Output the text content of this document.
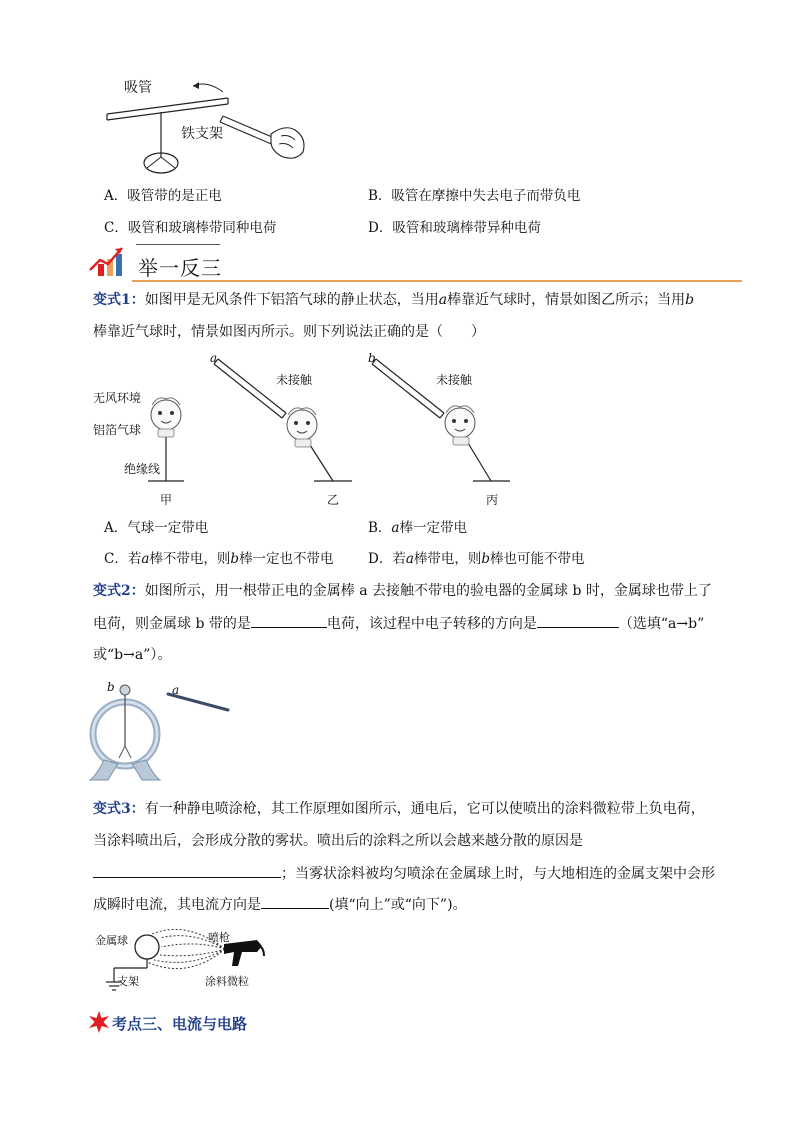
吸管
铁支架
A．吸管带的是正电	B．吸管在摩擦中失去电子而带负电
C．吸管和玻璃棒带同种电荷	D．吸管和玻璃棒带异种电荷
举一反三
变式1：如图甲是无风条件下铝箔气球的静止状态，当用a棒靠近气球时，情景如图乙所示；当用b
棒靠近气球时，情景如图丙所示。则下列说法正确的是（　　）
a	b
未接触	未接触
无风环境
铝箔气球
绝缘线
甲	乙	丙
A．气球一定带电	B．a棒一定带电
C．若a棒不带电，则b棒一定也不带电	D．若a棒带电，则b棒也可能不带电
变式2：如图所示，用一根带正电的金属棒 a 去接触不带电的验电器的金属球 b 时，金属球也带上了
电荷，则金属球 b 带的是	电荷，该过程中电子转移的方向是	（选填“a→b”
或“b→a”）。
b	a
变式3：有一种静电喷涂枪，其工作原理如图所示，通电后，它可以使喷出的涂料微粒带上负电荷，
当涂料喷出后，会形成分散的雾状。喷出后的涂料之所以会越来越分散的原因是
；当雾状涂料被均匀喷涂在金属球上时，与大地相连的金属支架中会形
成瞬时电流，其电流方向是	(填“向上”或“向下”)。
金属球	喷枪
支架	涂料微粒
考点三、电流与电路
